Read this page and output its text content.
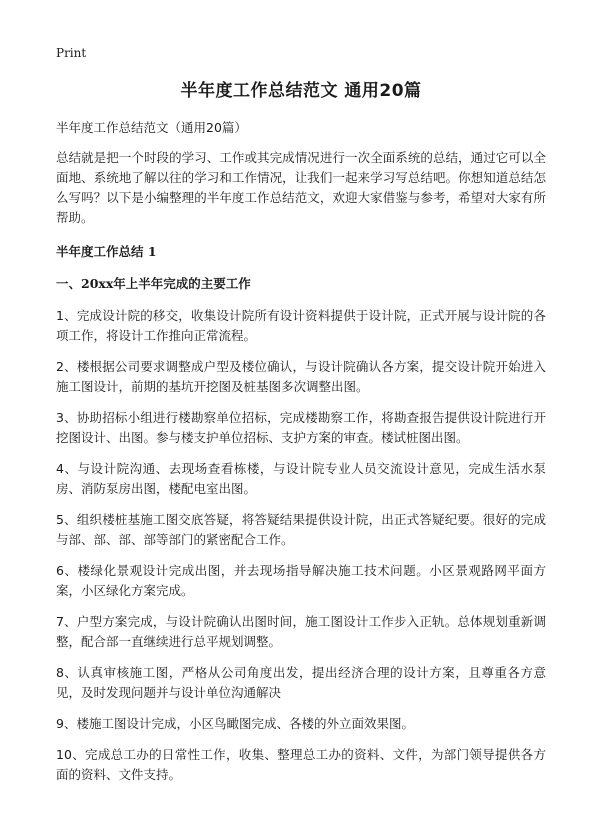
Print
半年度工作总结范文 通用20篇

半年度工作总结范文（通用20篇）

总结就是把一个时段的学习、工作或其完成情况进行一次全面系统的总结，通过它可以全面地、系统地了解以往的学习和工作情况，让我们一起来学习写总结吧。你想知道总结怎么写吗？以下是小编整理的半年度工作总结范文，欢迎大家借鉴与参考，希望对大家有所帮助。

半年度工作总结 1
一、20xx年上半年完成的主要工作
1、完成设计院的移交，收集设计院所有设计资料提供于设计院，正式开展与设计院的各项工作，将设计工作推向正常流程。
2、楼根据公司要求调整成户型及楼位确认，与设计院确认各方案，提交设计院开始进入施工图设计，前期的基坑开挖图及桩基图多次调整出图。
3、协助招标小组进行楼勘察单位招标，完成楼勘察工作，将勘查报告提供设计院进行开挖图设计、出图。参与楼支护单位招标、支护方案的审查。楼试桩图出图。
4、与设计院沟通、去现场查看栋楼，与设计院专业人员交流设计意见，完成生活水泵房、消防泵房出图，楼配电室出图。
5、组织楼桩基施工图交底答疑，将答疑结果提供设计院，出正式答疑纪要。很好的完成与部、部、部、部等部门的紧密配合工作。
6、楼绿化景观设计完成出图，并去现场指导解决施工技术问题。小区景观路网平面方案，小区绿化方案完成。
7、户型方案完成，与设计院确认出图时间，施工图设计工作步入正轨。总体规划重新调整，配合部一直继续进行总平规划调整。
8、认真审核施工图，严格从公司角度出发，提出经济合理的设计方案，且尊重各方意见，及时发现问题并与设计单位沟通解决
9、楼施工图设计完成，小区鸟瞰图完成、各楼的外立面效果图。
10、完成总工办的日常性工作，收集、整理总工办的资料、文件，为部门领导提供各方面的资料、文件支持。
